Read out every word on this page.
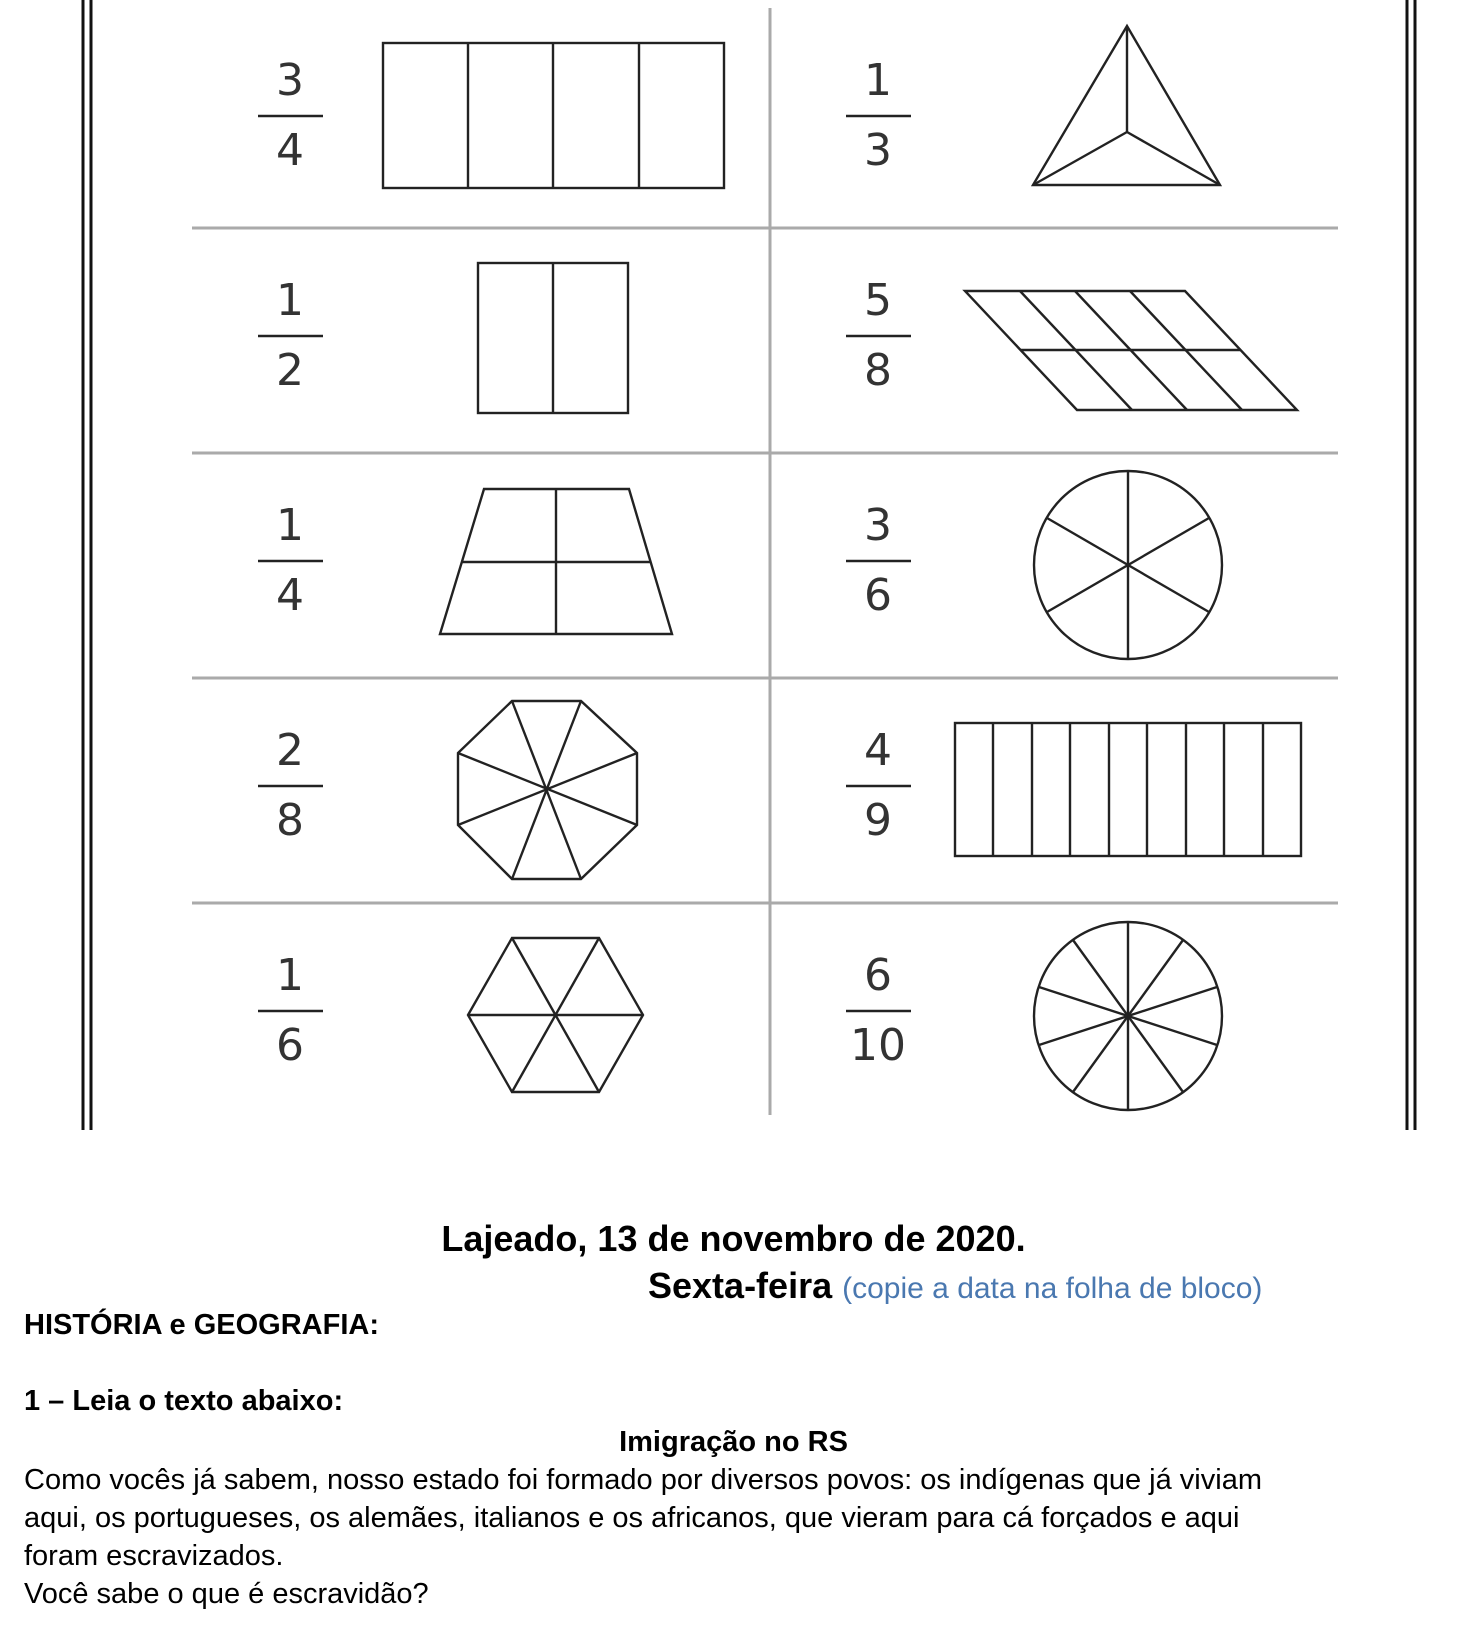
3
4
1
3
1
2
5
8
1
4
3
6
2
8
4
9
1
6
6
10
Lajeado, 13 de novembro de 2020.
Sexta-feira (copie a data na folha de bloco)
HISTÓRIA e GEOGRAFIA:
1 – Leia o texto abaixo:
Imigração no RS
Como vocês já sabem, nosso estado foi formado por diversos povos: os indígenas que já viviam
aqui, os portugueses, os alemães, italianos e os africanos, que vieram para cá forçados e aqui
foram escravizados.
Você sabe o que é escravidão?
